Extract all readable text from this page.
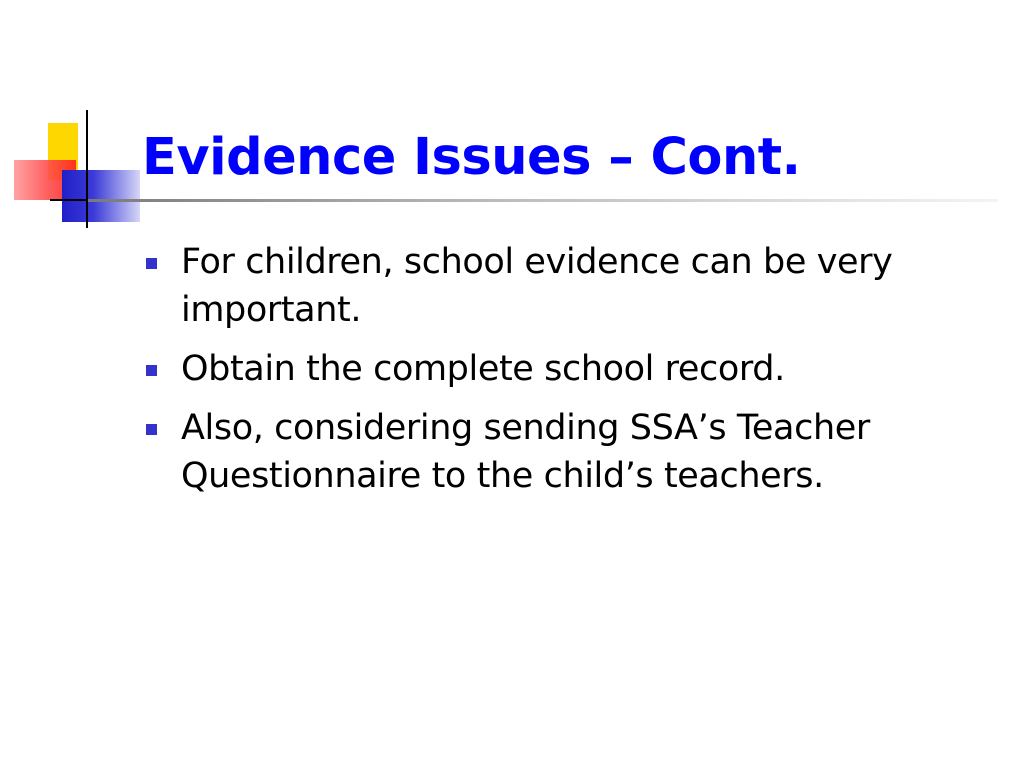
Evidence Issues – Cont.
For children, school evidence can be very important.
Obtain the complete school record.
Also, considering sending SSA’s Teacher Questionnaire to the child’s teachers.
